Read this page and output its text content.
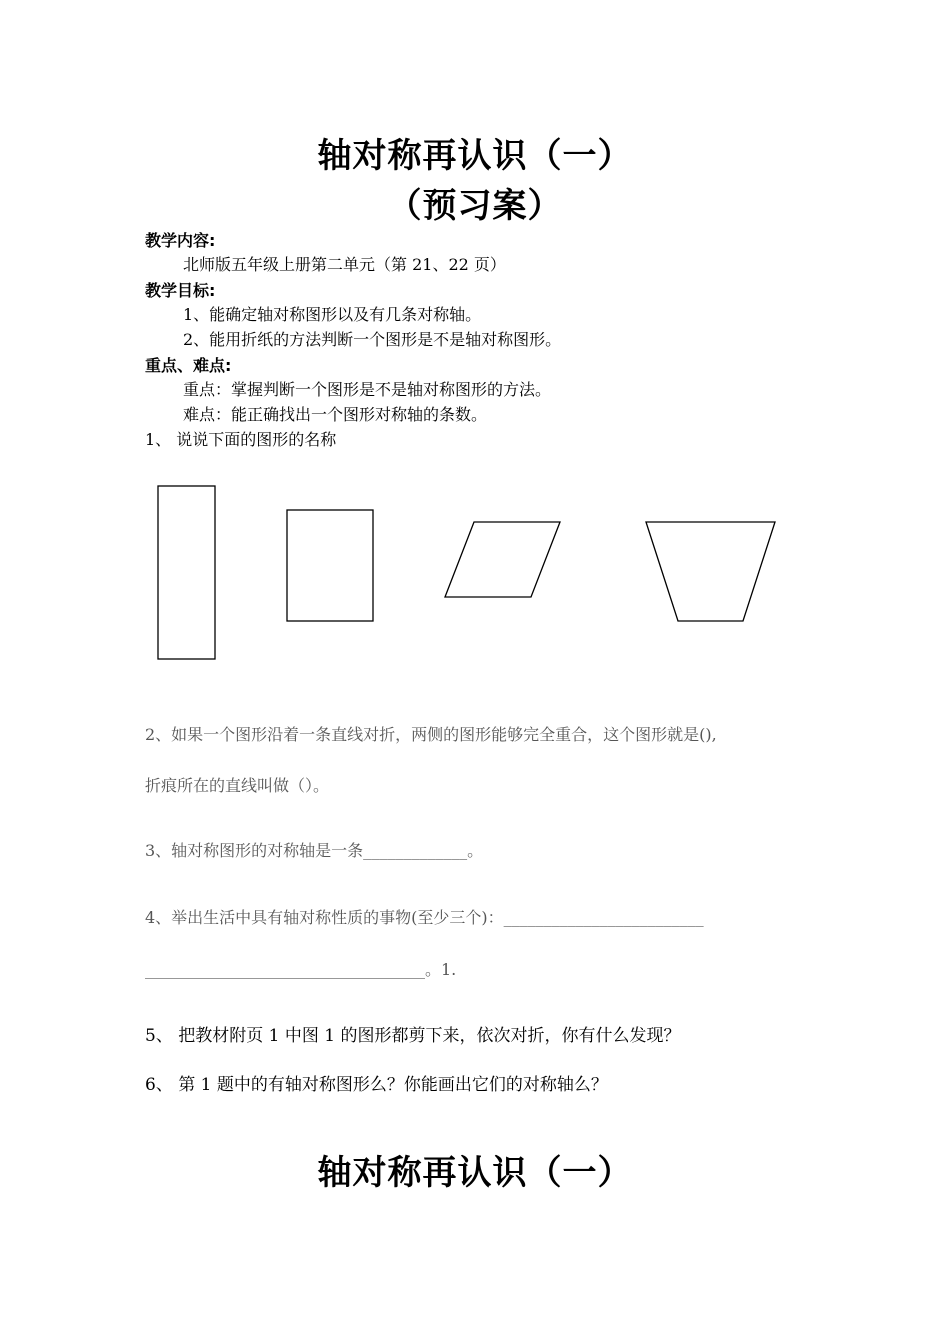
轴对称再认识（一）
（预习案）
教学内容:
北师版五年级上册第二单元（第 21、22 页）
教学目标:
1、能确定轴对称图形以及有几条对称轴。
2、能用折纸的方法判断一个图形是不是轴对称图形。
重点、难点:
重点：掌握判断一个图形是不是轴对称图形的方法。
难点：能正确找出一个图形对称轴的条数。
1、 说说下面的图形的名称
2、如果一个图形沿着一条直线对折，两侧的图形能够完全重合，这个图形就是(),
折痕所在的直线叫做（）。
3、轴对称图形的对称轴是一条_____________。
4、举出生活中具有轴对称性质的事物(至少三个)：_________________________
___________________________________。1.
5、 把教材附页 1 中图 1 的图形都剪下来，依次对折，你有什么发现？
6、 第 1 题中的有轴对称图形么？你能画出它们的对称轴么？
轴对称再认识（一）
